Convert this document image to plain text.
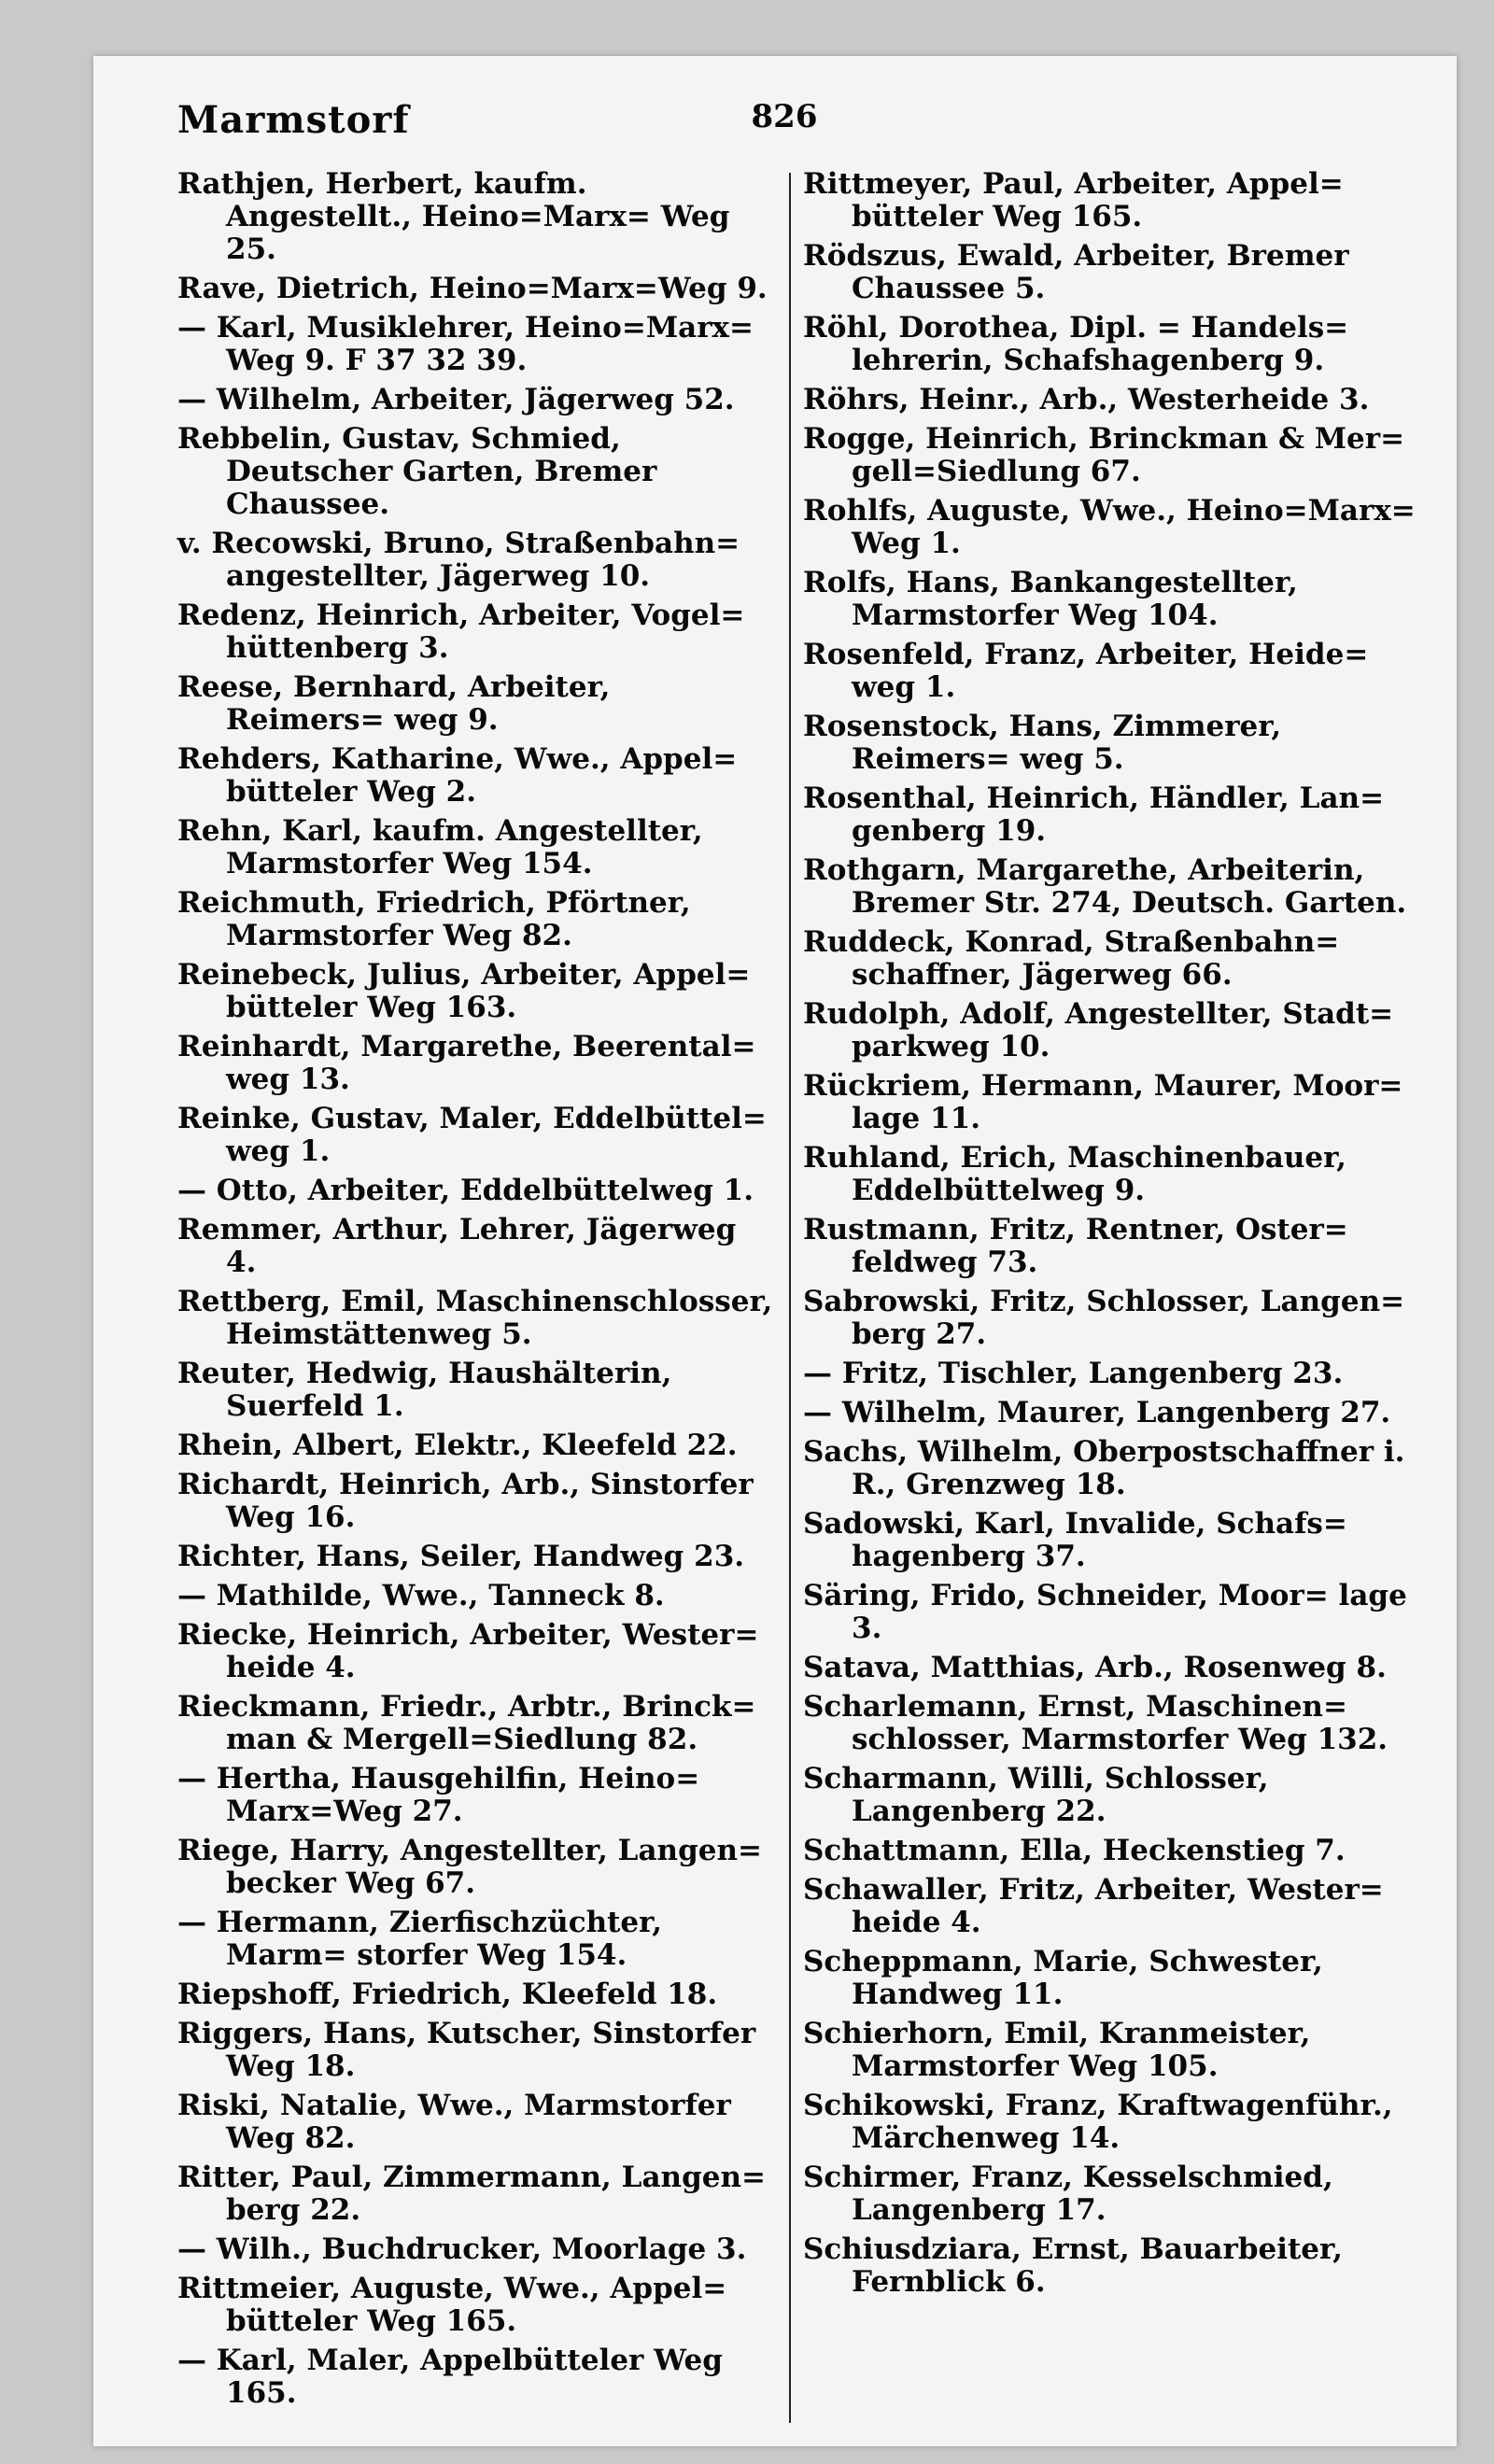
Marmstorf	826
Rathjen, Herbert, kaufm. Angestellt., Heino=Marx= Weg 25.
Rave, Dietrich, Heino=Marx=Weg 9.
— Karl, Musiklehrer, Heino=Marx= Weg 9. F 37 32 39.
— Wilhelm, Arbeiter, Jägerweg 52.
Rebbelin, Gustav, Schmied, Deutscher Garten, Bremer Chaussee.
v. Recowski, Bruno, Straßenbahn= angestellter, Jägerweg 10.
Redenz, Heinrich, Arbeiter, Vogel= hüttenberg 3.
Reese, Bernhard, Arbeiter, Reimers= weg 9.
Rehders, Katharine, Wwe., Appel= bütteler Weg 2.
Rehn, Karl, kaufm. Angestellter, Marmstorfer Weg 154.
Reichmuth, Friedrich, Pförtner, Marmstorfer Weg 82.
Reinebeck, Julius, Arbeiter, Appel= bütteler Weg 163.
Reinhardt, Margarethe, Beerental= weg 13.
Reinke, Gustav, Maler, Eddelbüttel= weg 1.
— Otto, Arbeiter, Eddelbüttelweg 1.
Remmer, Arthur, Lehrer, Jägerweg 4.
Rettberg, Emil, Maschinenschlosser, Heimstättenweg 5.
Reuter, Hedwig, Haushälterin, Suerfeld 1.
Rhein, Albert, Elektr., Kleefeld 22.
Richardt, Heinrich, Arb., Sinstorfer Weg 16.
Richter, Hans, Seiler, Handweg 23.
— Mathilde, Wwe., Tanneck 8.
Riecke, Heinrich, Arbeiter, Wester= heide 4.
Rieckmann, Friedr., Arbtr., Brinck= man & Mergell=Siedlung 82.
— Hertha, Hausgehilfin, Heino= Marx=Weg 27.
Riege, Harry, Angestellter, Langen= becker Weg 67.
— Hermann, Zierfischzüchter, Marm= storfer Weg 154.
Riepshoff, Friedrich, Kleefeld 18.
Riggers, Hans, Kutscher, Sinstorfer Weg 18.
Riski, Natalie, Wwe., Marmstorfer Weg 82.
Ritter, Paul, Zimmermann, Langen= berg 22.
— Wilh., Buchdrucker, Moorlage 3.
Rittmeier, Auguste, Wwe., Appel= bütteler Weg 165.
— Karl, Maler, Appelbütteler Weg 165.
Rittmeyer, Paul, Arbeiter, Appel= bütteler Weg 165.
Rödszus, Ewald, Arbeiter, Bremer Chaussee 5.
Röhl, Dorothea, Dipl. = Handels= lehrerin, Schafshagenberg 9.
Röhrs, Heinr., Arb., Westerheide 3.
Rogge, Heinrich, Brinckman & Mer= gell=Siedlung 67.
Rohlfs, Auguste, Wwe., Heino=Marx= Weg 1.
Rolfs, Hans, Bankangestellter, Marmstorfer Weg 104.
Rosenfeld, Franz, Arbeiter, Heide= weg 1.
Rosenstock, Hans, Zimmerer, Reimers= weg 5.
Rosenthal, Heinrich, Händler, Lan= genberg 19.
Rothgarn, Margarethe, Arbeiterin, Bremer Str. 274, Deutsch. Garten.
Ruddeck, Konrad, Straßenbahn= schaffner, Jägerweg 66.
Rudolph, Adolf, Angestellter, Stadt= parkweg 10.
Rückriem, Hermann, Maurer, Moor= lage 11.
Ruhland, Erich, Maschinenbauer, Eddelbüttelweg 9.
Rustmann, Fritz, Rentner, Oster= feldweg 73.
Sabrowski, Fritz, Schlosser, Langen= berg 27.
— Fritz, Tischler, Langenberg 23.
— Wilhelm, Maurer, Langenberg 27.
Sachs, Wilhelm, Oberpostschaffner i. R., Grenzweg 18.
Sadowski, Karl, Invalide, Schafs= hagenberg 37.
Säring, Frido, Schneider, Moor= lage 3.
Satava, Matthias, Arb., Rosenweg 8.
Scharlemann, Ernst, Maschinen= schlosser, Marmstorfer Weg 132.
Scharmann, Willi, Schlosser, Langenberg 22.
Schattmann, Ella, Heckenstieg 7.
Schawaller, Fritz, Arbeiter, Wester= heide 4.
Scheppmann, Marie, Schwester, Handweg 11.
Schierhorn, Emil, Kranmeister, Marmstorfer Weg 105.
Schikowski, Franz, Kraftwagenführ., Märchenweg 14.
Schirmer, Franz, Kesselschmied, Langenberg 17.
Schiusdziara, Ernst, Bauarbeiter, Fernblick 6.
